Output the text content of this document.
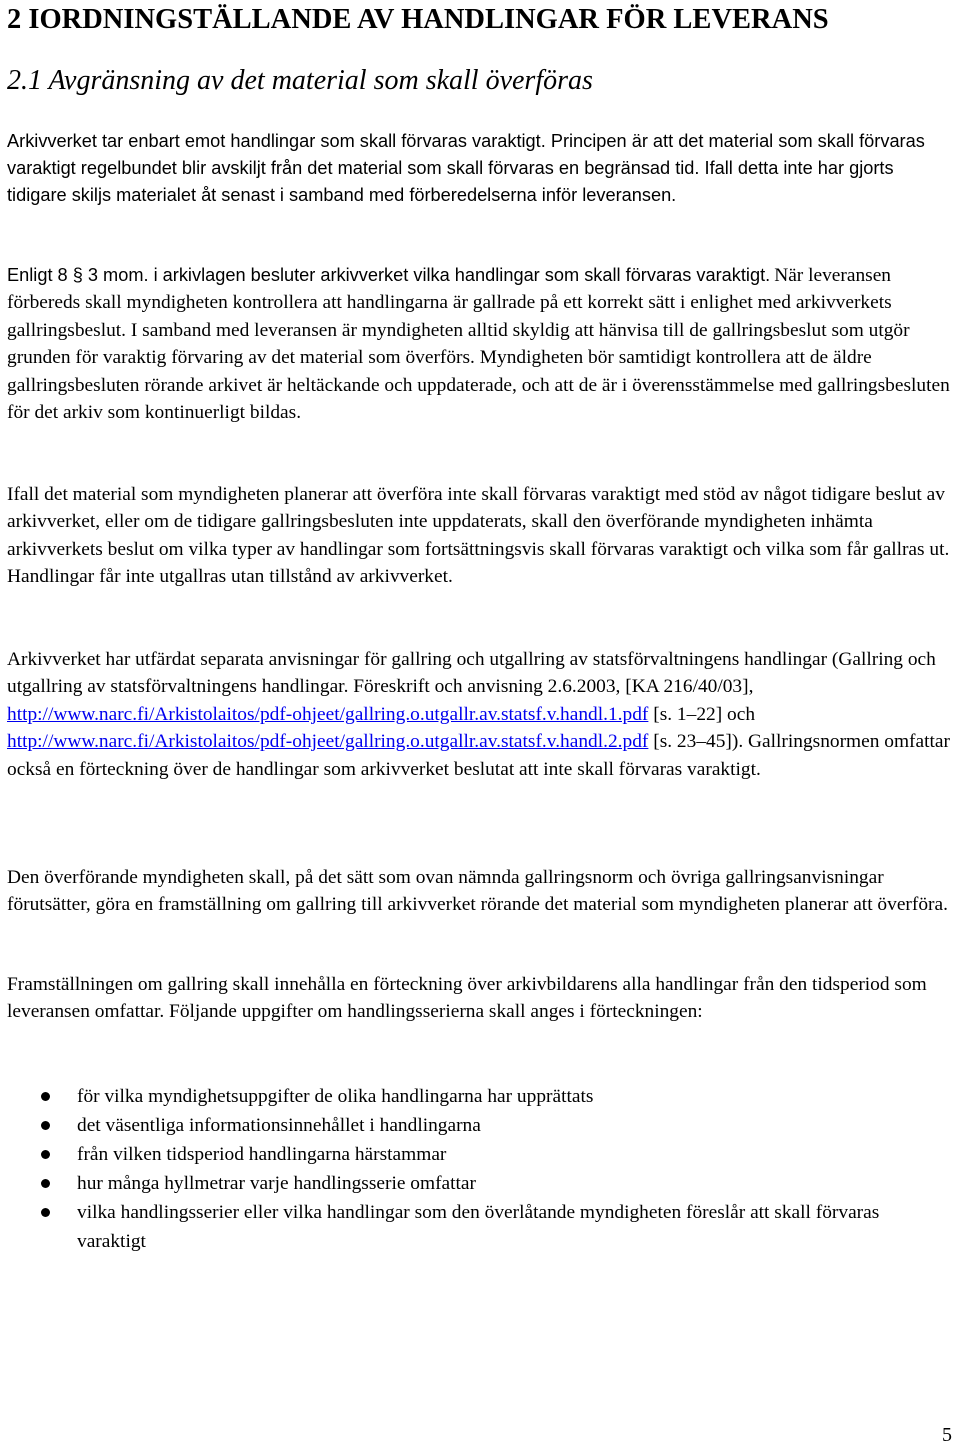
2 IORDNINGSTÄLLANDE AV HANDLINGAR FÖR LEVERANS
2.1 Avgränsning av det material som skall överföras

Arkivverket tar enbart emot handlingar som skall förvaras varaktigt. Principen är att det material som skall förvaras varaktigt regelbundet blir avskiljt från det material som skall förvaras en begränsad tid. Ifall detta inte har gjorts tidigare skiljs materialet åt senast i samband med förberedelserna inför leveransen.

Enligt 8 § 3 mom. i arkivlagen besluter arkivverket vilka handlingar som skall förvaras varaktigt. När leveransen förbereds skall myndigheten kontrollera att handlingarna är gallrade på ett korrekt sätt i enlighet med arkivverkets gallringsbeslut. I samband med leveransen är myndigheten alltid skyldig att hänvisa till de gallringsbeslut som utgör grunden för varaktig förvaring av det material som överförs. Myndigheten bör samtidigt kontrollera att de äldre gallringsbesluten rörande arkivet är heltäckande och uppdaterade, och att de är i överensstämmelse med gallringsbesluten för det arkiv som kontinuerligt bildas.

Ifall det material som myndigheten planerar att överföra inte skall förvaras varaktigt med stöd av något tidigare beslut av arkivverket, eller om de tidigare gallringsbesluten inte uppdaterats, skall den överförande myndigheten inhämta arkivverkets beslut om vilka typer av handlingar som fortsättningsvis skall förvaras varaktigt och vilka som får gallras ut. Handlingar får inte utgallras utan tillstånd av arkivverket.

Arkivverket har utfärdat separata anvisningar för gallring och utgallring av statsförvaltningens handlingar (Gallring och utgallring av statsförvaltningens handlingar. Föreskrift och anvisning 2.6.2003, [KA 216/40/03], http://www.narc.fi/Arkistolaitos/pdf-ohjeet/gallring.o.utgallr.av.statsf.v.handl.1.pdf [s. 1–22] och http://www.narc.fi/Arkistolaitos/pdf-ohjeet/gallring.o.utgallr.av.statsf.v.handl.2.pdf [s. 23–45]). Gallringsnormen omfattar också en förteckning över de handlingar som arkivverket beslutat att inte skall förvaras varaktigt.

Den överförande myndigheten skall, på det sätt som ovan nämnda gallringsnorm och övriga gallringsanvisningar förutsätter, göra en framställning om gallring till arkivverket rörande det material som myndigheten planerar att överföra.

Framställningen om gallring skall innehålla en förteckning över arkivbildarens alla handlingar från den tidsperiod som leveransen omfattar. Följande uppgifter om handlingsserierna skall anges i förteckningen:

för vilka myndighetsuppgifter de olika handlingarna har upprättats
det väsentliga informationsinnehållet i handlingarna
från vilken tidsperiod handlingarna härstammar
hur många hyllmetrar varje handlingsserie omfattar
vilka handlingsserier eller vilka handlingar som den överlåtande myndigheten föreslår att skall förvaras varaktigt
5
